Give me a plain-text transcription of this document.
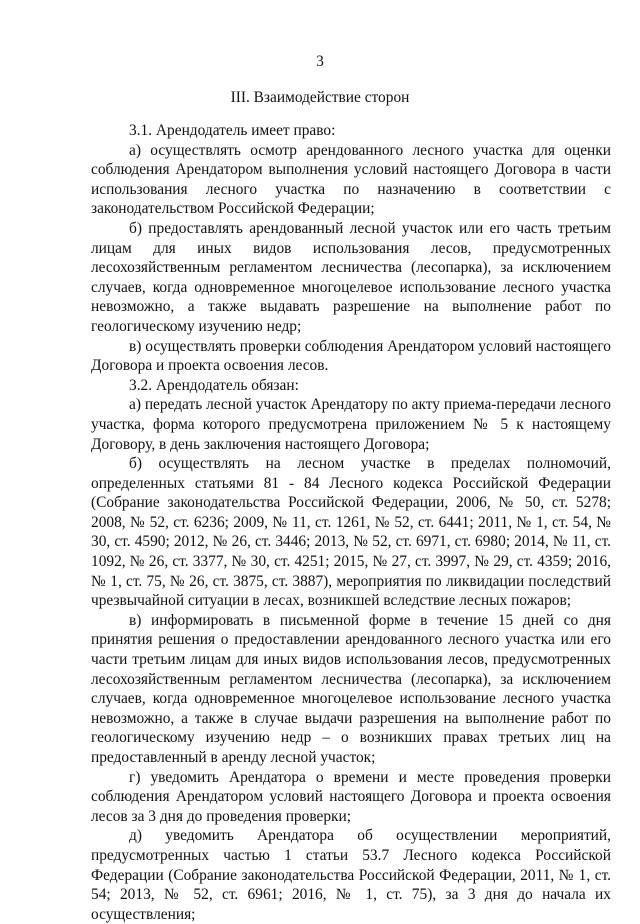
3
III. Взаимодействие сторон

3.1. Арендодатель имеет право:

а) осуществлять осмотр арендованного лесного участка для оценки соблюдения Арендатором выполнения условий настоящего Договора в части использования лесного участка по назначению в соответствии с законодательством Российской Федерации;

б) предоставлять арендованный лесной участок или его часть третьим лицам для иных видов использования лесов, предусмотренных лесохозяйственным регламентом лесничества (лесопарка), за исключением случаев, когда одновременное многоцелевое использование лесного участка невозможно, а также выдавать разрешение на выполнение работ по геологическому изучению недр;

в) осуществлять проверки соблюдения Арендатором условий настоящего Договора и проекта освоения лесов.

3.2. Арендодатель обязан:

а) передать лесной участок Арендатору по акту приема-передачи лесного участка, форма которого предусмотрена приложением № 5 к настоящему Договору, в день заключения настоящего Договора;

б) осуществлять на лесном участке в пределах полномочий, определенных статьями 81 - 84 Лесного кодекса Российской Федерации (Собрание законодательства Российской Федерации, 2006, № 50, ст. 5278; 2008, № 52, ст. 6236; 2009, № 11, ст. 1261, № 52, ст. 6441; 2011, № 1, ст. 54, № 30, ст. 4590; 2012, № 26, ст. 3446; 2013, № 52, ст. 6971, ст. 6980; 2014, № 11, ст. 1092, № 26, ст. 3377, № 30, ст. 4251; 2015, № 27, ст. 3997, № 29, ст. 4359; 2016, № 1, ст. 75, № 26, ст. 3875, ст. 3887), мероприятия по ликвидации последствий чрезвычайной ситуации в лесах, возникшей вследствие лесных пожаров;

в) информировать в письменной форме в течение 15 дней со дня принятия решения о предоставлении арендованного лесного участка или его части третьим лицам для иных видов использования лесов, предусмотренных лесохозяйственным регламентом лесничества (лесопарка), за исключением случаев, когда одновременное многоцелевое использование лесного участка невозможно, а также в случае выдачи разрешения на выполнение работ по геологическому изучению недр – о возникших правах третьих лиц на предоставленный в аренду лесной участок;

г) уведомить Арендатора о времени и месте проведения проверки соблюдения Арендатором условий настоящего Договора и проекта освоения лесов за 3 дня до проведения проверки;

д) уведомить Арендатора об осуществлении мероприятий, предусмотренных частью 1 статьи 53.7 Лесного кодекса Российской Федерации (Собрание законодательства Российской Федерации, 2011, № 1, ст. 54; 2013, № 52, ст. 6961; 2016, № 1, ст. 75), за 3 дня до начала их осуществления;
